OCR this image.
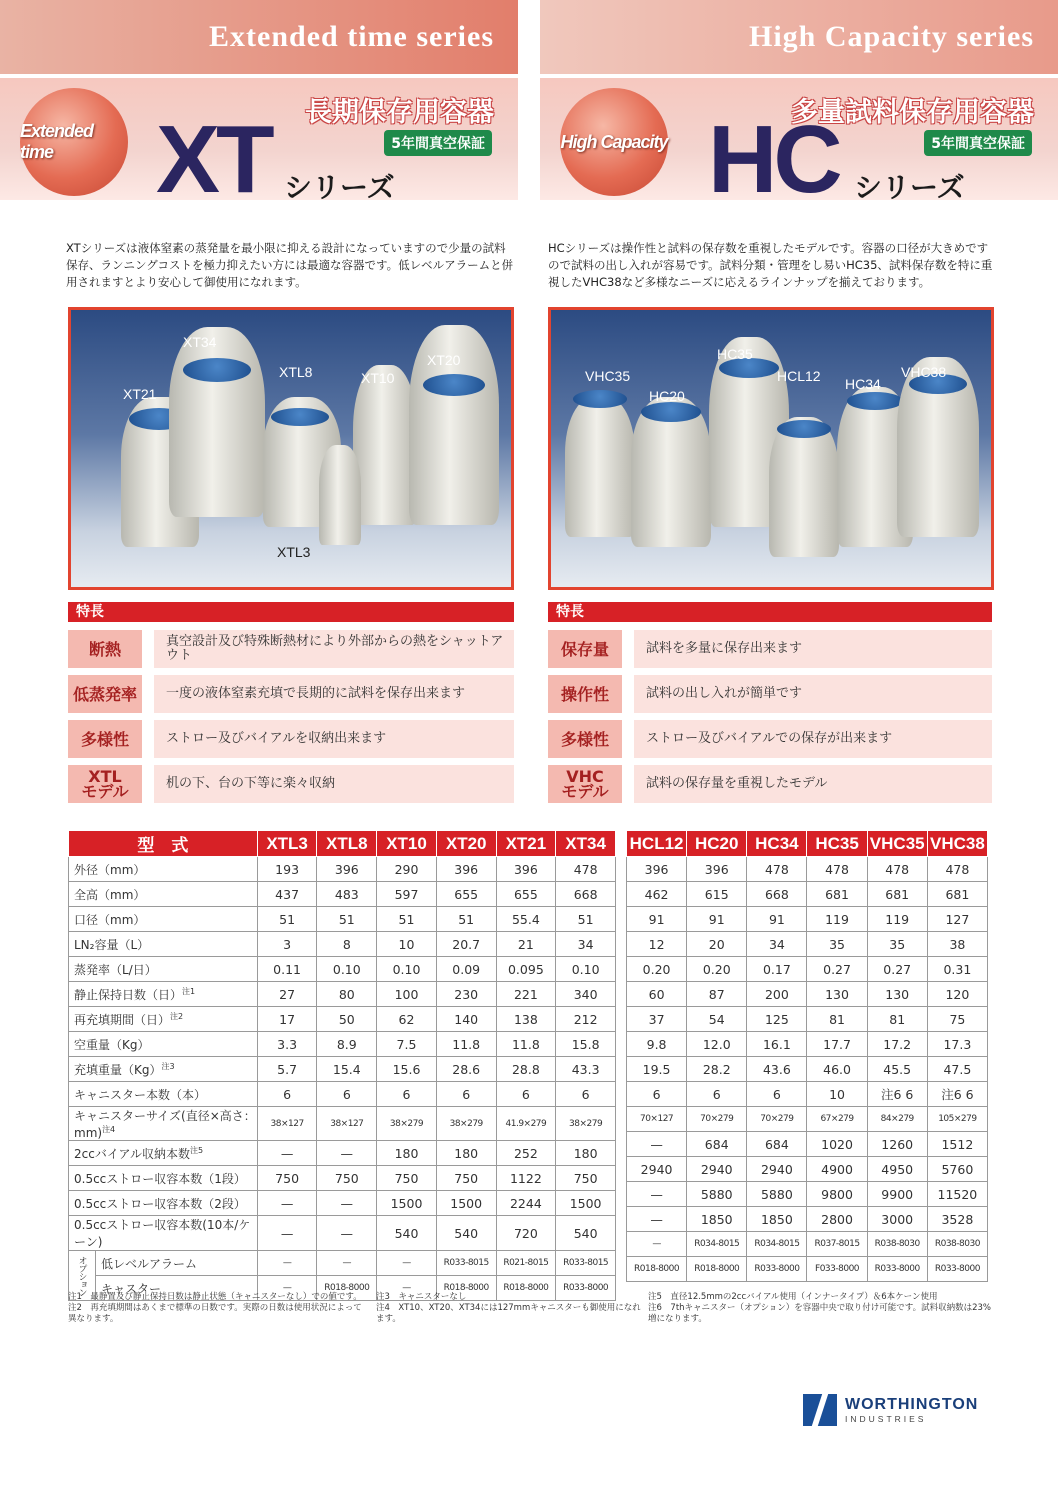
Extended time series
Extended time
長期保存用容器
5年間真空保証
XT シリーズ
XTシリーズは液体窒素の蒸発量を最小限に抑える設計になっていますので少量の試料保存、ランニングコストを極力抑えたい方には最適な容器です。低レベルアラームと併用されますとより安心して御使用になれます。
XT34
XTL8	XT10
XT20
XT21
XTL3
特長
断熱	真空設計及び特殊断熱材により外部からの熱をシャットアウト
低蒸発率	一度の液体窒素充填で長期的に試料を保存出来ます
多様性	ストロー及びバイアルを収納出来ます
XTL
モデル	机の下、台の下等に楽々収納
High Capacity series
High Capacity
多量試料保存用容器
5年間真空保証
HC シリーズ
HCシリーズは操作性と試料の保存数を重視したモデルです。容器の口径が大きめですので試料の出し入れが容易です。試料分類・管理をし易いHC35、試料保存数を特に重視したVHC38など多様なニーズに応えるラインナップを揃えております。
HC35
VHC35	HCL12
HC20
HC34
VHC38
特長
保存量	試料を多量に保存出来ます
操作性	試料の出し入れが簡単です
多様性	ストロー及びバイアルでの保存が出来ます
VHC
モデル	試料の保存量を重視したモデル
型　式		XTL3	XTL8	XT10	XT20	XT21	XT34
外径（mm）		193	396	290	396	396	478
全高（mm）		437	483	597	655	655	668
口径（mm）		51	51	51	51	55.4	51
LN₂容量（L）		3	8	10	20.7	21	34
蒸発率（L/日）		0.11	0.10	0.10	0.09	0.095	0.10
静止保持日数（日）$^{注1}$		27	80	100	230	221	340
再充填期間（日）$^{注2}$		17	50	62	140	138	212
空重量（Kg）		3.3	8.9	7.5	11.8	11.8	15.8
充填重量$(Kg)^{注3}$		5.7	15.4	15.6	28.6	28.8	43.3
キャニスター本数（本）		6	6	6	6	6	6
キャニスターサイズ(直径×高さ：mm)$^{注4}$		38×127	38×127	38×279	38×279	41.9×279	38×279
2ccバイアル収納本数$^{注5}$		—	—	180	180	252	180
0.5ccストロー収容本数（1段）		750	750	750	750	1122	750
0.5ccストロー収容本数（2段）		—	—	1500	1500	2244	1500
0.5ccストロー収容本数(10本/ケーン)		—	—	540	540	720	540
オプション	低レベルアラーム	—	—	—	R033-8015	R021-8015	R033-8015
	キャスター	—	R018-8000	—	R018-8000	R018-8000	R033-8000
HCL12	HC20	HC34	HC35	VHC35	VHC38
396	396	478	478	478	478
462	615	668	681	681	681
91	91	91	119	119	127
12	20	34	35	35	38
0.20	0.20	0.17	0.27	0.27	0.31
60	87	200	130	130	120
37	54	125	81	81	75
9.8	12.0	16.1	17.7	17.2	17.3
19.5	28.2	43.6	46.0	45.5	47.5
6	6	6	10	注6 6	注6 6
70×127	70×279	70×279	67×279	84×279	105×279
—	684	684	1020	1260	1512
2940	2940	2940	4900	4950	5760
—	5880	5880	9800	9900	11520
—	1850	1850	2800	3000	3528
—	R034-8015	R034-8015	R037-8015	R038-8030	R038-8030
R018-8000	R018-8000	R033-8000	F033-8000	R033-8000	R033-8000
注1　最静置及び静止保持日数は静止状態（キャニスターなし）での値です。
注2　再充填期間はあくまで標準の日数です。実際の日数は使用状況によって異なります。
注3　キャニスターなし
注4　XT10、XT20、XT34には127mmキャニスターも御使用になれます。
注5　直径12.5mmの2ccバイアル使用（インナータイプ）＆6本ケーン使用
注6　7thキャニスター（オプション）を容器中央で取り付け可能です。試料収納数は23%増になります。
WORTHINGTON
INDUSTRIES
